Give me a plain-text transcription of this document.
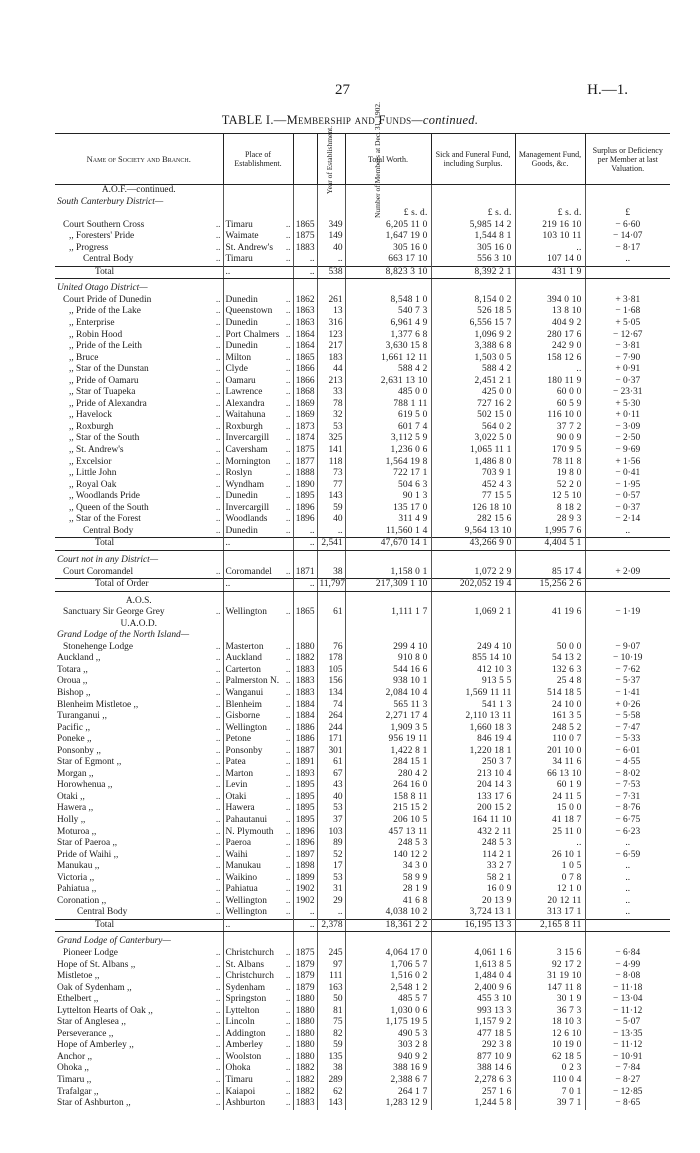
27	H.—1.
TABLE I.—Membership and Funds—continued.
Name of Society and Branch.	Place of Establishment.	Year of Establishment.	Number of Members at Dec. 31, 1902.	Total Worth.	Sick and Funeral Fund, including Surplus.	Management Fund, Goods, &c.	Surplus or Deficiency per Member at last Valuation.
A.O.F.—continued.							
South Canterbury District—							
				£ s. d.	£ s. d.	£ s. d.	£

Court Southern Cross ..	Timaru ..	1865	349	6,205 11 0	5,985 14 2	219 16 10	− 6·60

,, Foresters' Pride ..	Waimate ..	1875	149	1,647 19 0	1,544 8 1	103 10 11	− 14·07

,, Progress ..	St. Andrew's ..	1883	40	305 16 0	305 16 0	..	− 8·17

Central Body ..	Timaru ..	..	..	663 17 10	556 3 10	107 14 0	..
Total	..	..	538	8,823 3 10	8,392 2 1	431 1 9	

United Otago District—							

Court Pride of Dunedin ..	Dunedin ..	1862	261	8,548 1 0	8,154 0 2	394 0 10	+ 3·81

,, Pride of the Lake ..	Queenstown ..	1863	13	540 7 3	526 18 5	13 8 10	− 1·68

,, Enterprise ..	Dunedin ..	1863	316	6,961 4 9	6,556 15 7	404 9 2	+ 5·05

,, Robin Hood ..	Port Chalmers ..	1864	123	1,377 6 8	1,096 9 2	280 17 6	− 12·67

,, Pride of the Leith ..	Dunedin ..	1864	217	3,630 15 8	3,388 6 8	242 9 0	− 3·81

,, Bruce ..	Milton ..	1865	183	1,661 12 11	1,503 0 5	158 12 6	− 7·90

,, Star of the Dunstan ..	Clyde ..	1866	44	588 4 2	588 4 2	..	+ 0·91

,, Pride of Oamaru ..	Oamaru ..	1866	213	2,631 13 10	2,451 2 1	180 11 9	− 0·37

,, Star of Tuapeka ..	Lawrence ..	1868	33	485 0 0	425 0 0	60 0 0	− 23·31

,, Pride of Alexandra ..	Alexandra ..	1869	78	788 1 11	727 16 2	60 5 9	+ 5·30

,, Havelock ..	Waitahuna ..	1869	32	619 5 0	502 15 0	116 10 0	+ 0·11

,, Roxburgh ..	Roxburgh ..	1873	53	601 7 4	564 0 2	37 7 2	− 3·09

,, Star of the South ..	Invercargill ..	1874	325	3,112 5 9	3,022 5 0	90 0 9	− 2·50

,, St. Andrew's ..	Caversham ..	1875	141	1,236 0 6	1,065 11 1	170 9 5	− 9·69

,, Excelsior ..	Mornington ..	1877	118	1,564 19 8	1,486 8 0	78 11 8	+ 1·56

,, Little John ..	Roslyn ..	1888	73	722 17 1	703 9 1	19 8 0	− 0·41

,, Royal Oak ..	Wyndham ..	1890	77	504 6 3	452 4 3	52 2 0	− 1·95

,, Woodlands Pride ..	Dunedin ..	1895	143	90 1 3	77 15 5	12 5 10	− 0·57

,, Queen of the South ..	Invercargill ..	1896	59	135 17 0	126 18 10	8 18 2	− 0·37

,, Star of the Forest ..	Woodlands ..	1896	40	311 4 9	282 15 6	28 9 3	− 2·14

Central Body ..	Dunedin ..	..	..	11,560 1 4	9,564 13 10	1,995 7 6	..
Total	..	..	2,541	47,670 14 1	43,266 9 0	4,404 5 1	

Court not in any District—							

Court Coromandel ..	Coromandel ..	1871	38	1,158 0 1	1,072 2 9	85 17 4	+ 2·09
Total of Order	..	..	11,797	217,309 1 10	202,052 19 4	15,256 2 6	

A.O.S.							

Sanctuary Sir George Grey ..	Wellington ..	1865	61	1,111 1 7	1,069 2 1	41 19 6	− 1·19
U.A.O.D.							
Grand Lodge of the North Island—							

Stonehenge Lodge ..	Masterton ..	1880	76	299 4 10	249 4 10	50 0 0	− 9·07

Auckland ,, ..	Auckland ..	1882	178	910 8 0	855 14 10	54 13 2	− 10·19

Totara ,, ..	Carterton ..	1883	105	544 16 6	412 10 3	132 6 3	− 7·62

Oroua ,, ..	Palmerston N. ..	1883	156	938 10 1	913 5 5	25 4 8	− 5·37

Bishop ,, ..	Wanganui ..	1883	134	2,084 10 4	1,569 11 11	514 18 5	− 1·41

Blenheim Mistletoe ,, ..	Blenheim ..	1884	74	565 11 3	541 1 3	24 10 0	+ 0·26

Turanganui ,, ..	Gisborne ..	1884	264	2,271 17 4	2,110 13 11	161 3 5	− 5·58

Pacific ,, ..	Wellington ..	1886	244	1,909 3 5	1,660 18 3	248 5 2	− 7·47

Poneke ,, ..	Petone ..	1886	171	956 19 11	846 19 4	110 0 7	− 5·33

Ponsonby ,, ..	Ponsonby ..	1887	301	1,422 8 1	1,220 18 1	201 10 0	− 6·01

Star of Egmont ,, ..	Patea ..	1891	61	284 15 1	250 3 7	34 11 6	− 4·55

Morgan ,, ..	Marton ..	1893	67	280 4 2	213 10 4	66 13 10	− 8·02

Horowhenua ,, ..	Levin ..	1895	43	264 16 0	204 14 3	60 1 9	− 7·53

Otaki ,, ..	Otaki ..	1895	40	158 8 11	133 17 6	24 11 5	− 7·31

Hawera ,, ..	Hawera ..	1895	53	215 15 2	200 15 2	15 0 0	− 8·76

Holly ,, ..	Pahautanui ..	1895	37	206 10 5	164 11 10	41 18 7	− 6·75

Moturoa ,, ..	N. Plymouth ..	1896	103	457 13 11	432 2 11	25 11 0	− 6·23

Star of Paeroa ,, ..	Paeroa ..	1896	89	248 5 3	248 5 3	..	..

Pride of Waihi ,, ..	Waihi ..	1897	52	140 12 2	114 2 1	26 10 1	− 6·59

Manukau ,, ..	Manukau ..	1898	17	34 3 0	33 2 7	1 0 5	..

Victoria ,, ..	Waikino ..	1899	53	58 9 9	58 2 1	0 7 8	..

Pahiatua ,, ..	Pahiatua ..	1902	31	28 1 9	16 0 9	12 1 0	..

Coronation ,, ..	Wellington ..	1902	29	41 6 8	20 13 9	20 12 11	..

Central Body ..	Wellington ..	..	..	4,038 10 2	3,724 13 1	313 17 1	..
Total	..	..	2,378	18,361 2 2	16,195 13 3	2,165 8 11	

Grand Lodge of Canterbury—							

Pioneer Lodge ..	Christchurch ..	1875	245	4,064 17 0	4,061 1 6	3 15 6	− 6·84

Hope of St. Albans ,, ..	St. Albans ..	1879	97	1,706 5 7	1,613 8 5	92 17 2	− 4·99

Mistletoe ,, ..	Christchurch ..	1879	111	1,516 0 2	1,484 0 4	31 19 10	− 8·08

Oak of Sydenham ,, ..	Sydenham ..	1879	163	2,548 1 2	2,400 9 6	147 11 8	− 11·18

Ethelbert ,, ..	Springston ..	1880	50	485 5 7	455 3 10	30 1 9	− 13·04

Lyttelton Hearts of Oak ,, ..	Lyttelton ..	1880	81	1,030 0 6	993 13 3	36 7 3	− 11·12

Star of Anglesea ,, ..	Lincoln ..	1880	75	1,175 19 5	1,157 9 2	18 10 3	− 5·07

Perseverance ,, ..	Addington ..	1880	82	490 5 3	477 18 5	12 6 10	− 13·35

Hope of Amberley ,, ..	Amberley ..	1880	59	303 2 8	292 3 8	10 19 0	− 11·12

Anchor ,, ..	Woolston ..	1880	135	940 9 2	877 10 9	62 18 5	− 10·91

Ohoka ,, ..	Ohoka ..	1882	38	388 16 9	388 14 6	0 2 3	− 7·84

Timaru ,, ..	Timaru ..	1882	289	2,388 6 7	2,278 6 3	110 0 4	− 8·27

Trafalgar ,, ..	Kaiapoi ..	1882	62	264 1 7	257 1 6	7 0 1	− 12·85

Star of Ashburton ,, ..	Ashburton ..	1883	143	1,283 12 9	1,244 5 8	39 7 1	− 8·65
